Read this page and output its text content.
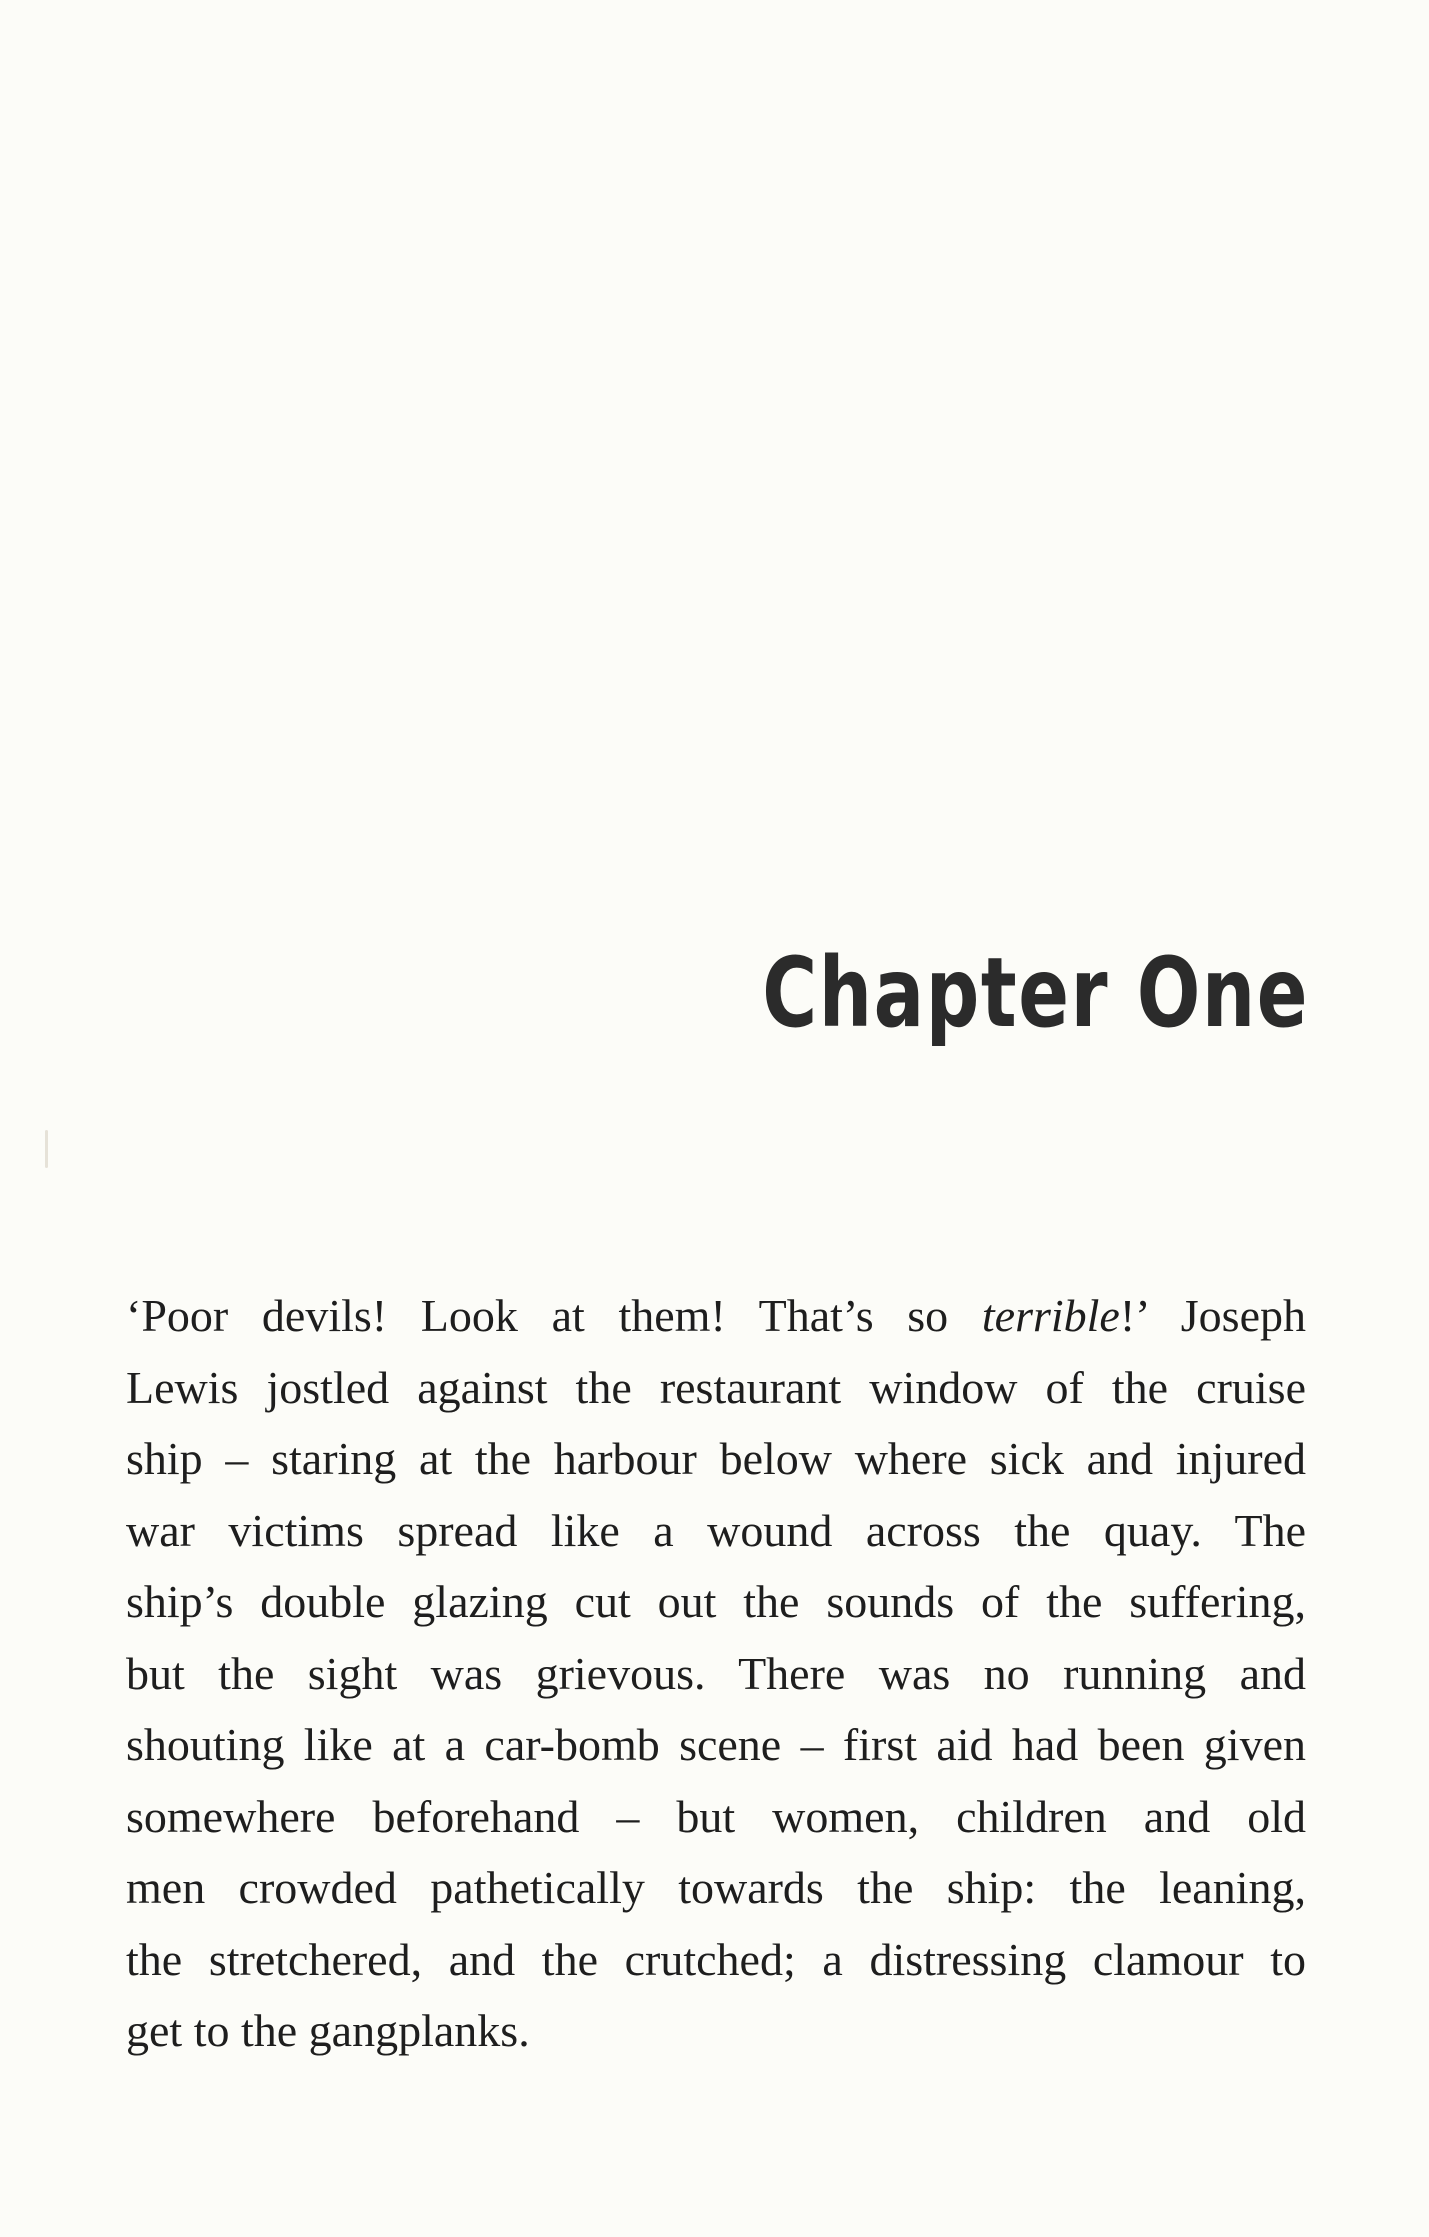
Chapter One

‘Poor devils! Look at them! That’s so terrible!’ Joseph
Lewis jostled against the restaurant window of the cruise
ship – staring at the harbour below where sick and injured
war victims spread like a wound across the quay. The
ship’s double glazing cut out the sounds of the suffering,
but the sight was grievous. There was no running and
shouting like at a car-bomb scene – first aid had been given
somewhere beforehand – but women, children and old
men crowded pathetically towards the ship: the leaning,
the stretchered, and the crutched; a distressing clamour to
get to the gangplanks.
